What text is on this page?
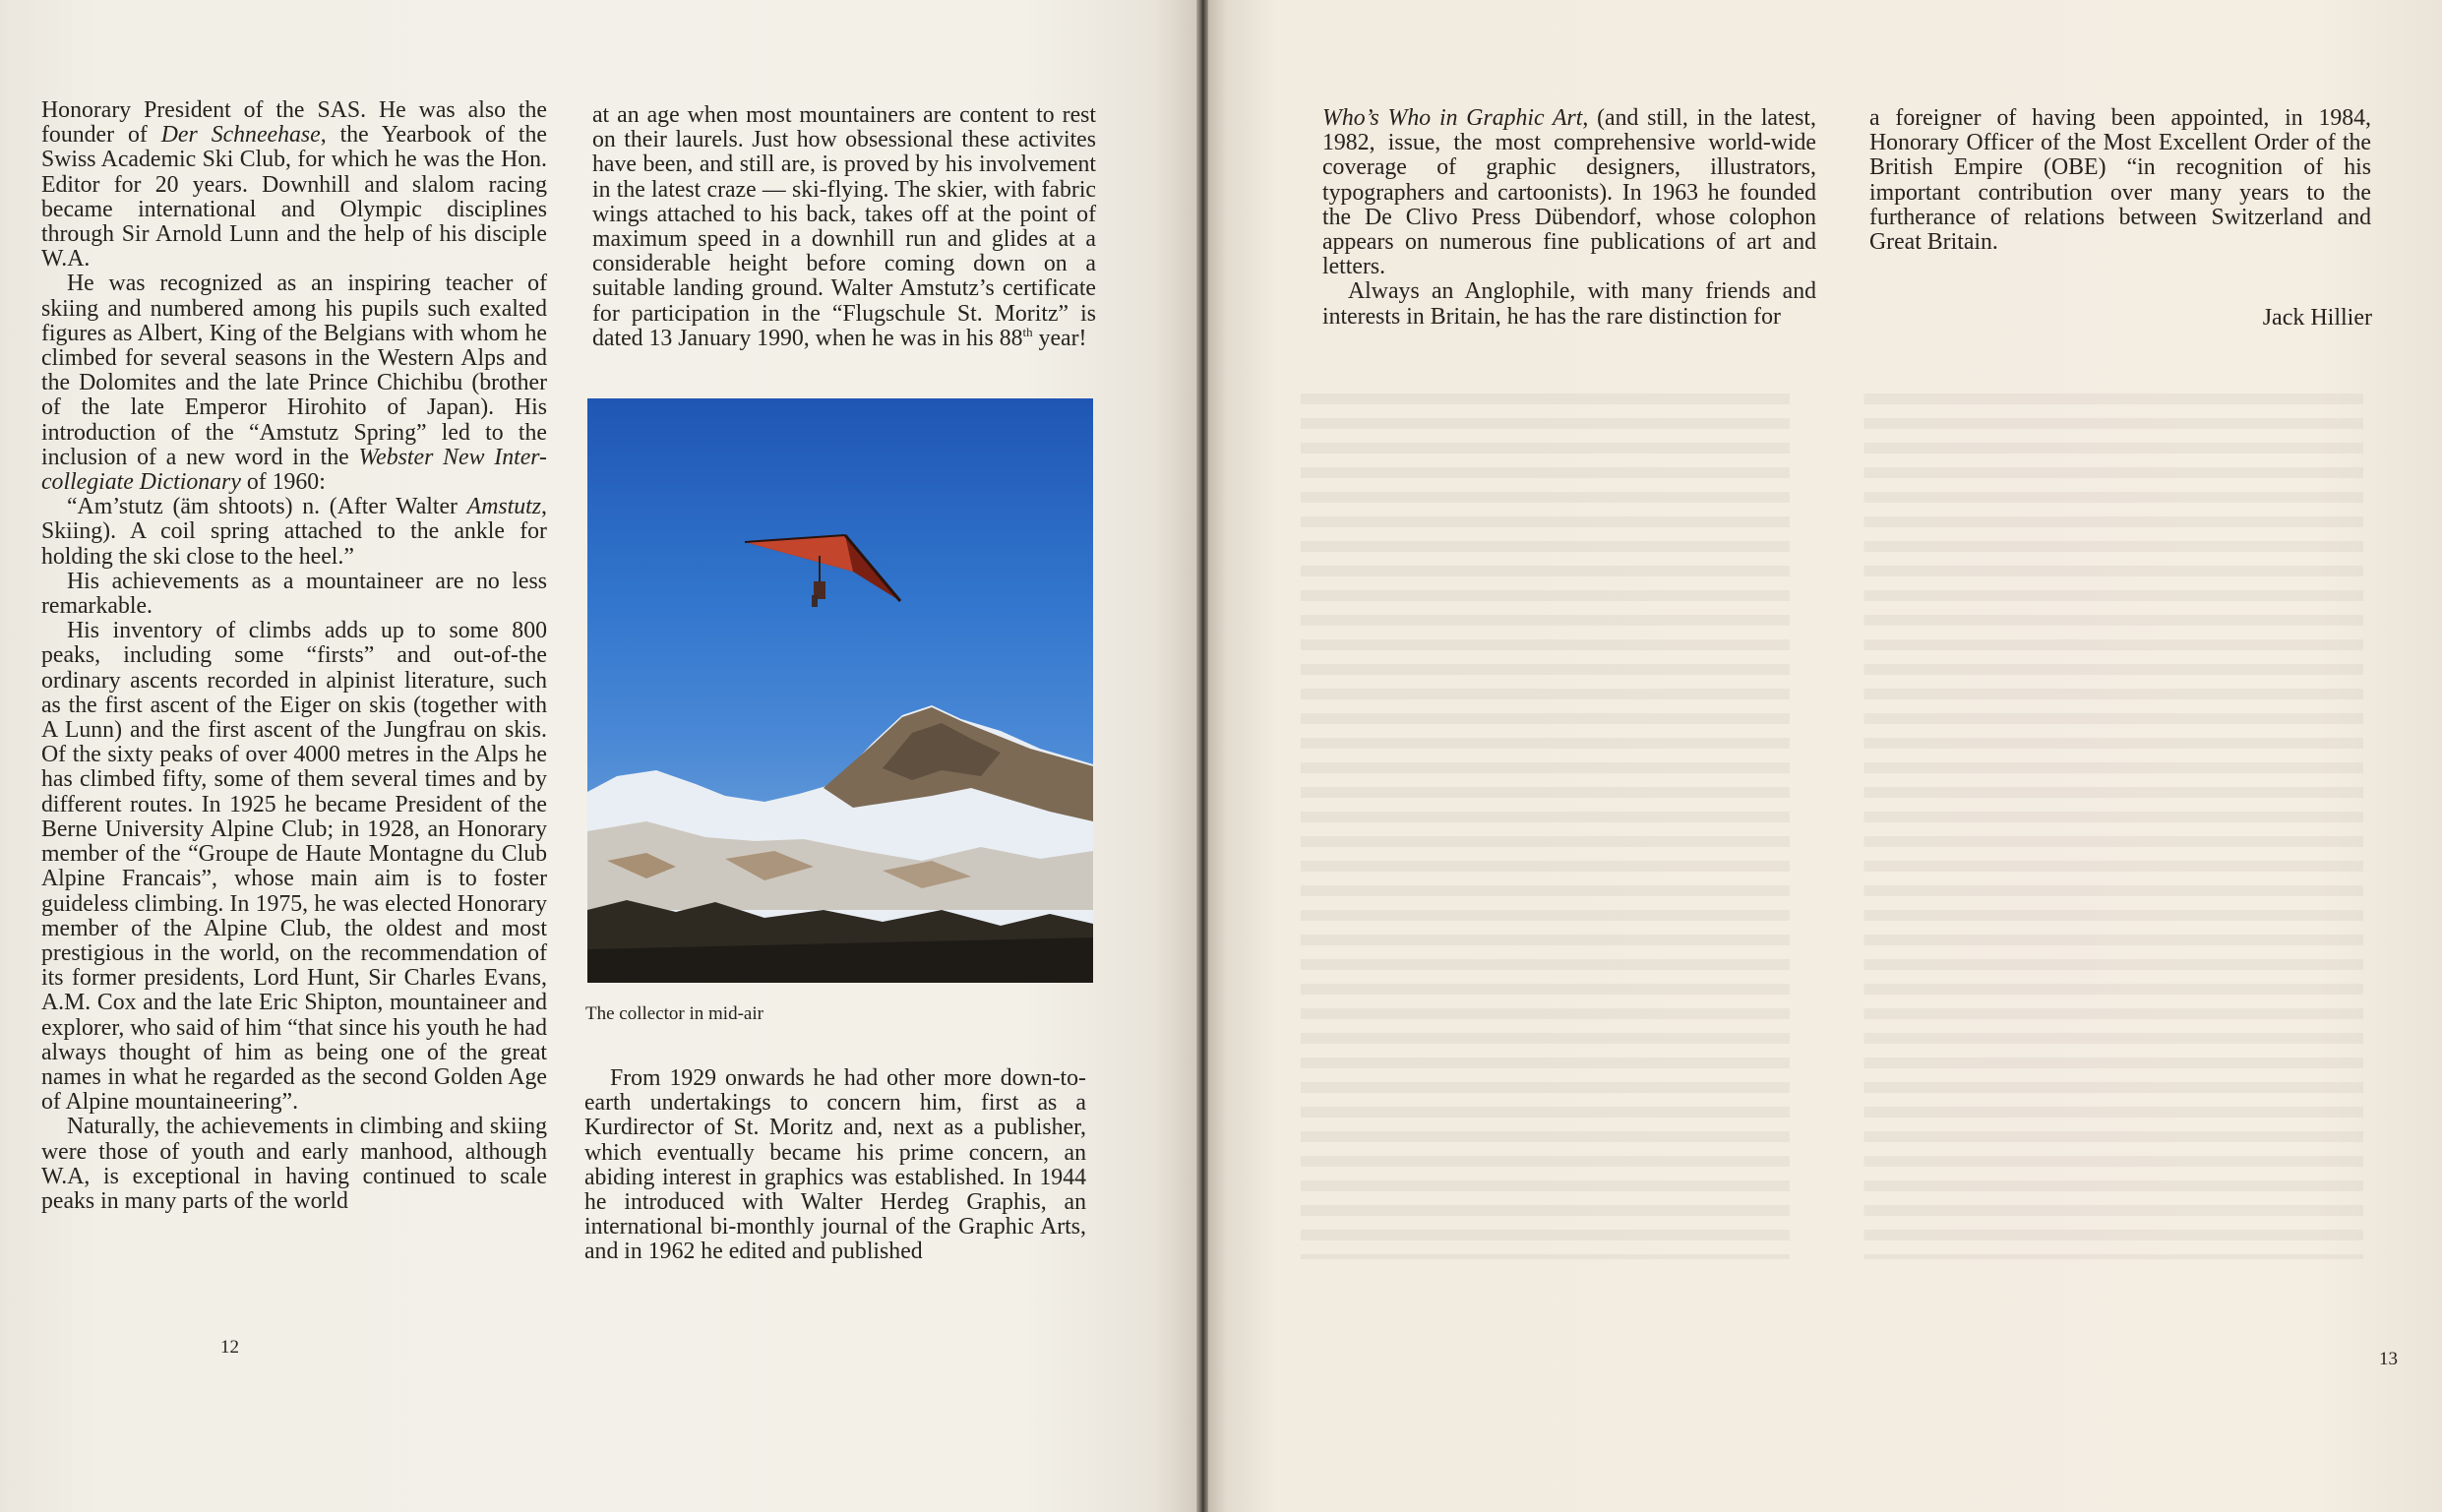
Honorary President of the SAS. He was also the founder of Der Schneehase, the Yearbook of the Swiss Academic Ski Club, for which he was the Hon. Editor for 20 years. Downhill and slalom racing became international and Olympic disciplines through Sir Arnold Lunn and the help of his disciple W.A.

He was recognized as an inspiring teacher of skiing and numbered among his pupils such exalted figures as Albert, King of the Belgians with whom he climbed for several seasons in the Western Alps and the Dolomites and the late Prince Chichibu (brother of the late Emperor Hirohito of Japan). His introduction of the “Amstutz Spring” led to the inclusion of a new word in the Webster New Inter-collegiate Dictionary of 1960:

“Am’stutz (äm shtoots) n. (After Walter Amstutz, Skiing). A coil spring attached to the ankle for holding the ski close to the heel.”

His achievements as a mountaineer are no less remarkable.

His inventory of climbs adds up to some 800 peaks, including some “firsts” and out-of-the ordinary ascents recorded in alpinist literature, such as the first ascent of the Eiger on skis (together with A Lunn) and the first ascent of the Jungfrau on skis. Of the sixty peaks of over 4000 metres in the Alps he has climbed fifty, some of them several times and by different routes. In 1925 he became President of the Berne University Alpine Club; in 1928, an Honorary member of the “Groupe de Haute Montagne du Club Alpine Francais”, whose main aim is to foster guideless climbing. In 1975, he was elected Honorary member of the Alpine Club, the oldest and most prestigious in the world, on the recommendation of its former presidents, Lord Hunt, Sir Charles Evans, A.M. Cox and the late Eric Shipton, mountaineer and explorer, who said of him “that since his youth he had always thought of him as being one of the great names in what he regarded as the second Golden Age of Alpine mountaineering”.

Naturally, the achievements in climbing and skiing were those of youth and early manhood, although W.A, is exceptional in having continued to scale peaks in many parts of the world

at an age when most mountainers are content to rest on their laurels. Just how obsessional these activites have been, and still are, is proved by his involvement in the latest craze — ski-flying. The skier, with fabric wings attached to his back, takes off at the point of maximum speed in a downhill run and glides at a considerable height before coming down on a suitable landing ground. Walter Amstutz’s certificate for participation in the “Flugschule St. Moritz” is dated 13 January 1990, when he was in his 88th year!

The collector in mid-air

From 1929 onwards he had other more down-to-earth undertakings to concern him, first as a Kurdirector of St. Moritz and, next as a publisher, which eventually became his prime concern, an abiding interest in graphics was established. In 1944 he introduced with Walter Herdeg Graphis, an international bi-monthly journal of the Graphic Arts, and in 1962 he edited and published

12

Who’s Who in Graphic Art, (and still, in the latest, 1982, issue, the most comprehensive world-wide coverage of graphic designers, illustrators, typographers and cartoonists). In 1963 he founded the De Clivo Press Dübendorf, whose colophon appears on numerous fine publications of art and letters.

Always an Anglophile, with many friends and interests in Britain, he has the rare distinction for

a foreigner of having been appointed, in 1984, Honorary Officer of the Most Excellent Order of the British Empire (OBE) “in recognition of his important contribution over many years to the furtherance of relations between Switzerland and Great Britain.

Jack Hillier
13
